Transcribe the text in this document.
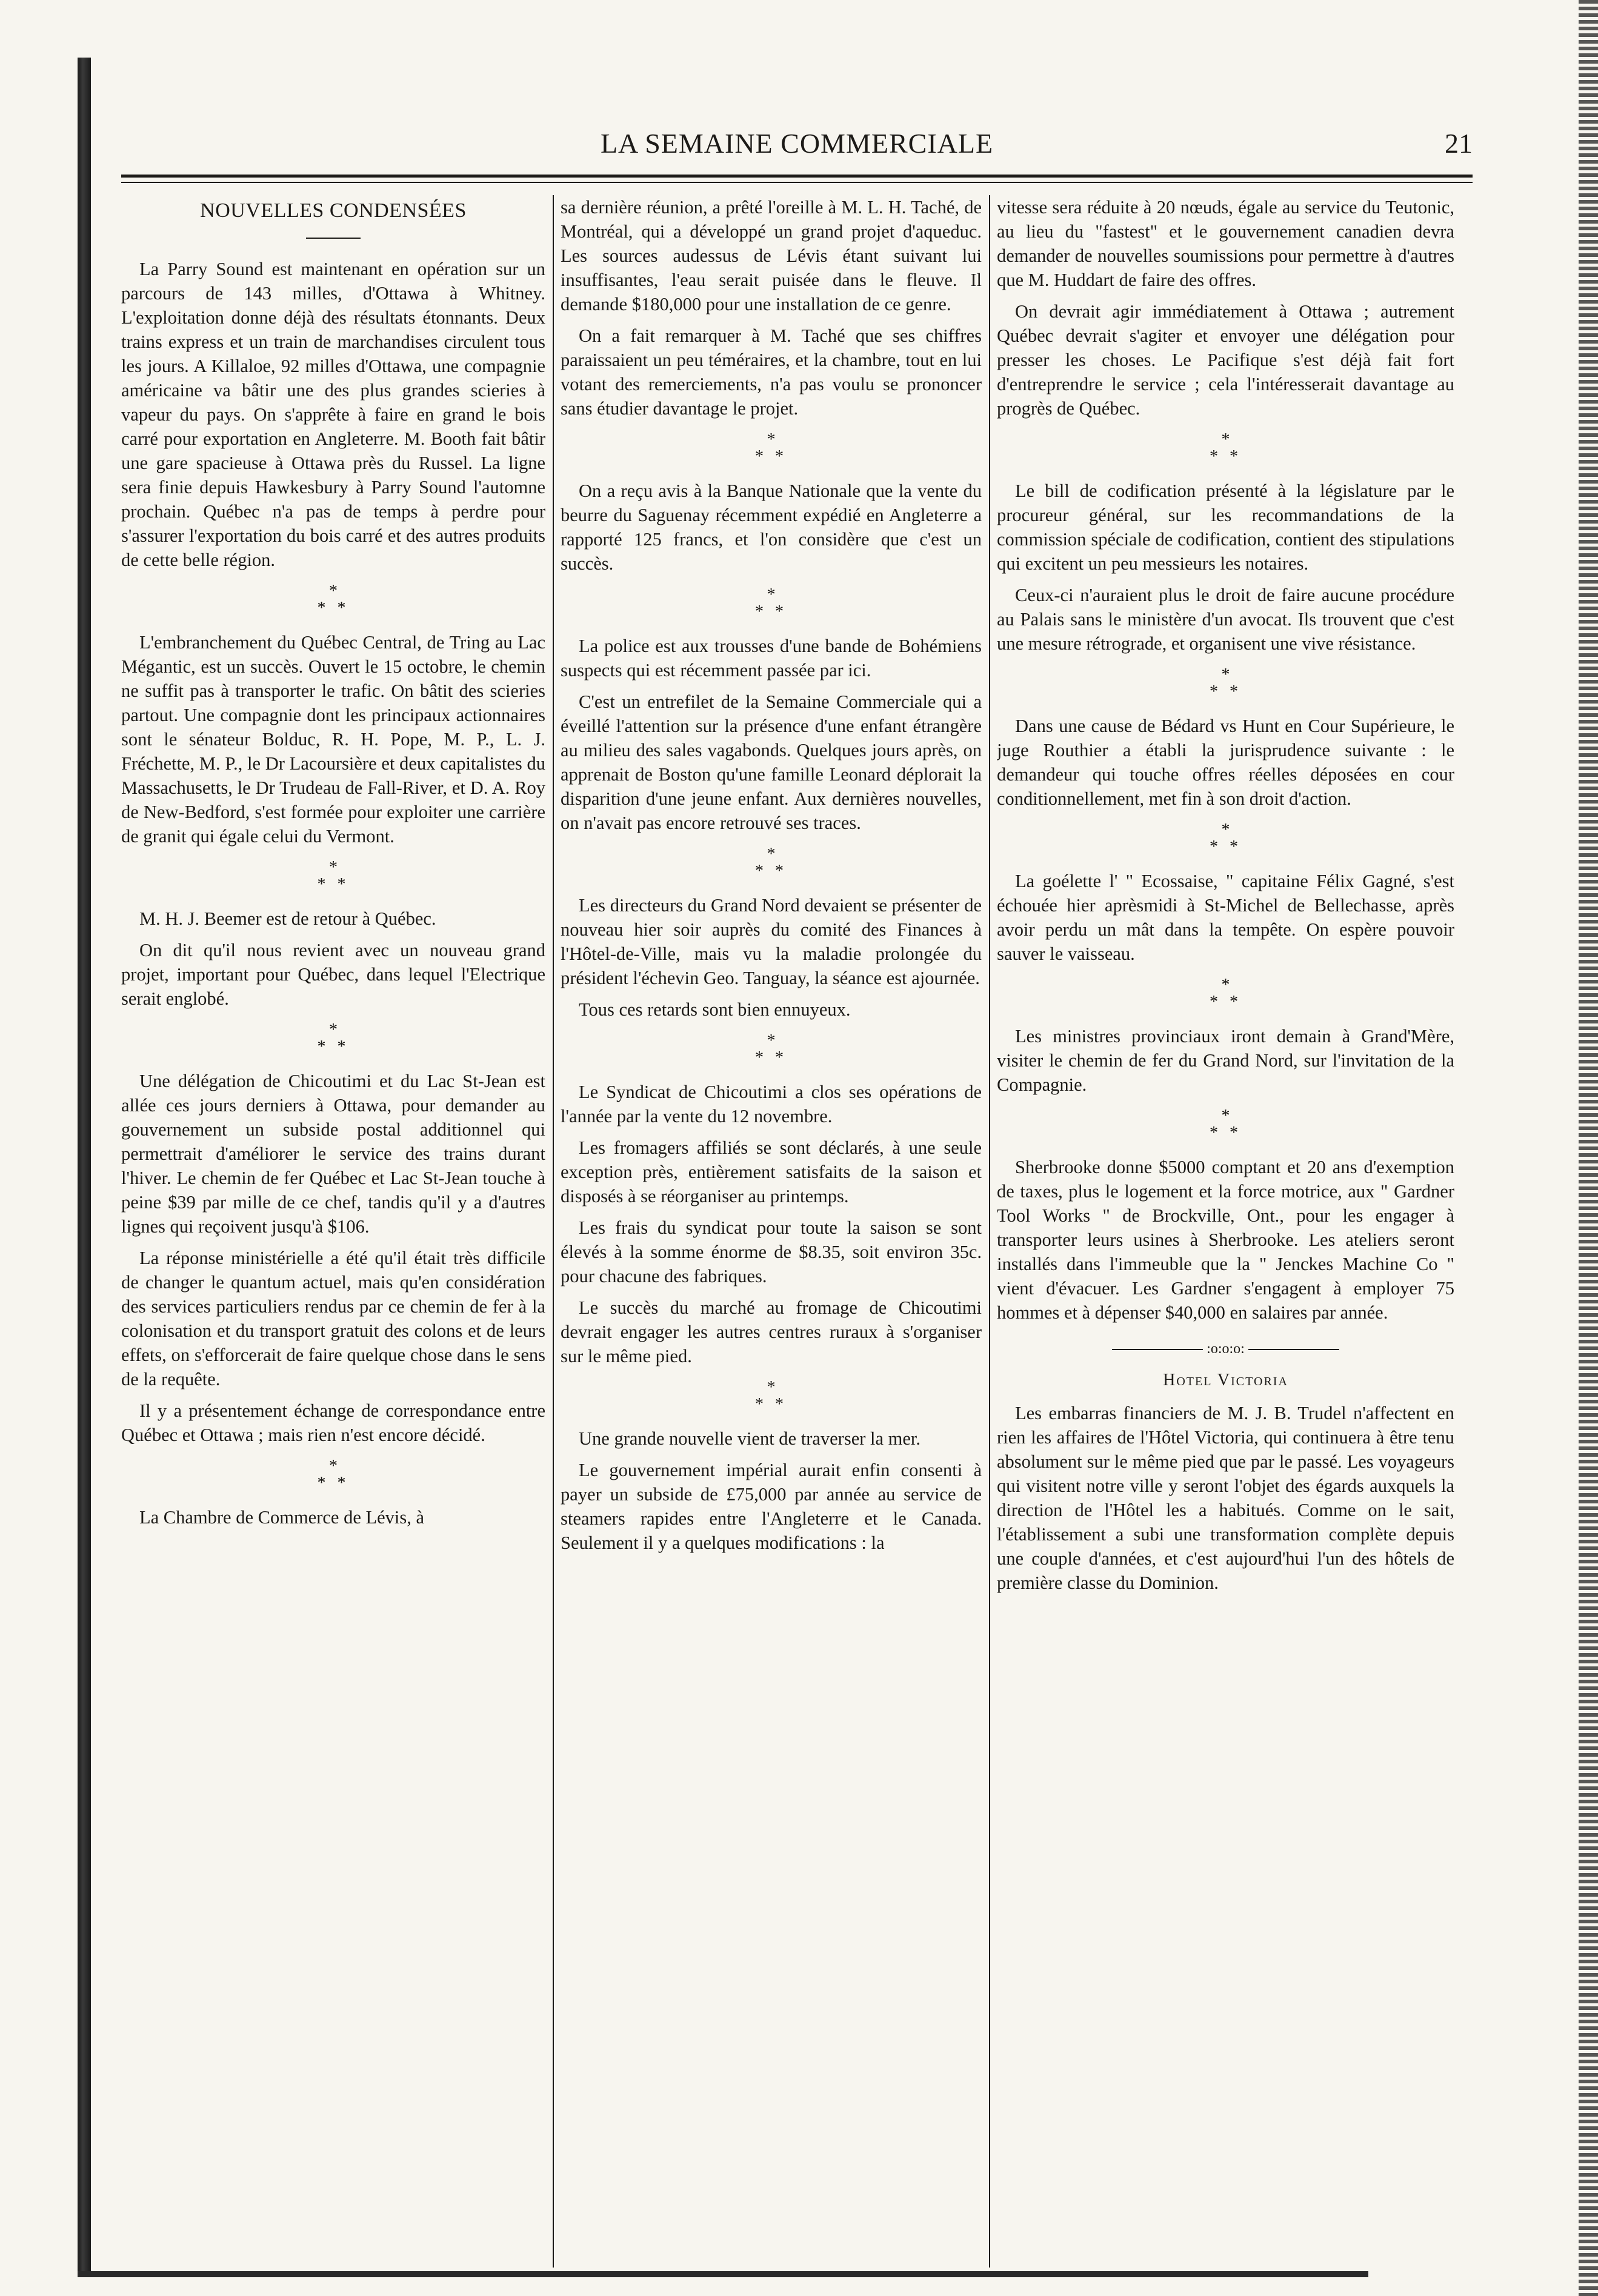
LA SEMAINE COMMERCIALE	21
NOUVELLES CONDENSÉES

La Parry Sound est maintenant en opération sur un parcours de 143 milles, d'Ottawa à Whitney. L'exploitation donne déjà des résultats étonnants. Deux trains express et un train de marchandises circulent tous les jours. A Killaloe, 92 milles d'Ottawa, une compagnie américaine va bâtir une des plus grandes scieries à vapeur du pays. On s'apprête à faire en grand le bois carré pour exportation en Angleterre. M. Booth fait bâtir une gare spacieuse à Ottawa près du Russel. La ligne sera finie depuis Hawkesbury à Parry Sound l'automne prochain. Québec n'a pas de temps à perdre pour s'assurer l'exportation du bois carré et des autres produits de cette belle région.

*
* *

L'embranchement du Québec Central, de Tring au Lac Mégantic, est un succès. Ouvert le 15 octobre, le chemin ne suffit pas à transporter le trafic. On bâtit des scieries partout. Une compagnie dont les principaux actionnaires sont le sénateur Bolduc, R. H. Pope, M. P., L. J. Fréchette, M. P., le Dr Lacoursière et deux capitalistes du Massachusetts, le Dr Trudeau de Fall-River, et D. A. Roy de New-Bedford, s'est formée pour exploiter une carrière de granit qui égale celui du Vermont.

*
* *

M. H. J. Beemer est de retour à Québec.

On dit qu'il nous revient avec un nouveau grand projet, important pour Québec, dans lequel l'Electrique serait englobé.

*
* *

Une délégation de Chicoutimi et du Lac St-Jean est allée ces jours derniers à Ottawa, pour demander au gouvernement un subside postal additionnel qui permettrait d'améliorer le service des trains durant l'hiver. Le chemin de fer Québec et Lac St-Jean touche à peine $39 par mille de ce chef, tandis qu'il y a d'autres lignes qui reçoivent jusqu'à $106.

La réponse ministérielle a été qu'il était très difficile de changer le quantum actuel, mais qu'en considération des services particuliers rendus par ce chemin de fer à la colonisation et du transport gratuit des colons et de leurs effets, on s'efforcerait de faire quelque chose dans le sens de la requête.

Il y a présentement échange de correspondance entre Québec et Ottawa ; mais rien n'est encore décidé.

*
* *

La Chambre de Commerce de Lévis, à

sa dernière réunion, a prêté l'oreille à M. L. H. Taché, de Montréal, qui a développé un grand projet d'aqueduc. Les sources audessus de Lévis étant suivant lui insuffisantes, l'eau serait puisée dans le fleuve. Il demande $180,000 pour une installation de ce genre.

On a fait remarquer à M. Taché que ses chiffres paraissaient un peu téméraires, et la chambre, tout en lui votant des remerciements, n'a pas voulu se prononcer sans étudier davantage le projet.

*
* *

On a reçu avis à la Banque Nationale que la vente du beurre du Saguenay récemment expédié en Angleterre a rapporté 125 francs, et l'on considère que c'est un succès.

*
* *

La police est aux trousses d'une bande de Bohémiens suspects qui est récemment passée par ici.

C'est un entrefilet de la Semaine Commerciale qui a éveillé l'attention sur la présence d'une enfant étrangère au milieu des sales vagabonds. Quelques jours après, on apprenait de Boston qu'une famille Leonard déplorait la disparition d'une jeune enfant. Aux dernières nouvelles, on n'avait pas encore retrouvé ses traces.

*
* *

Les directeurs du Grand Nord devaient se présenter de nouveau hier soir auprès du comité des Finances à l'Hôtel-de-Ville, mais vu la maladie prolongée du président l'échevin Geo. Tanguay, la séance est ajournée.

Tous ces retards sont bien ennuyeux.

*
* *

Le Syndicat de Chicoutimi a clos ses opérations de l'année par la vente du 12 novembre.

Les fromagers affiliés se sont déclarés, à une seule exception près, entièrement satisfaits de la saison et disposés à se réorganiser au printemps.

Les frais du syndicat pour toute la saison se sont élevés à la somme énorme de $8.35, soit environ 35c. pour chacune des fabriques.

Le succès du marché au fromage de Chicoutimi devrait engager les autres centres ruraux à s'organiser sur le même pied.

*
* *

Une grande nouvelle vient de traverser la mer.

Le gouvernement impérial aurait enfin consenti à payer un subside de £75,000 par année au service de steamers rapides entre l'Angleterre et le Canada. Seulement il y a quelques modifications : la

vitesse sera réduite à 20 nœuds, égale au service du Teutonic, au lieu du "fastest" et le gouvernement canadien devra demander de nouvelles soumissions pour permettre à d'autres que M. Huddart de faire des offres.

On devrait agir immédiatement à Ottawa ; autrement Québec devrait s'agiter et envoyer une délégation pour presser les choses. Le Pacifique s'est déjà fait fort d'entreprendre le service ; cela l'intéresserait davantage au progrès de Québec.

*
* *

Le bill de codification présenté à la législature par le procureur général, sur les recommandations de la commission spéciale de codification, contient des stipulations qui excitent un peu messieurs les notaires.

Ceux-ci n'auraient plus le droit de faire aucune procédure au Palais sans le ministère d'un avocat. Ils trouvent que c'est une mesure rétrograde, et organisent une vive résistance.

*
* *

Dans une cause de Bédard vs Hunt en Cour Supérieure, le juge Routhier a établi la jurisprudence suivante : le demandeur qui touche offres réelles déposées en cour conditionnellement, met fin à son droit d'action.

*
* *

La goélette l' " Ecossaise, " capitaine Félix Gagné, s'est échouée hier aprèsmidi à St-Michel de Bellechasse, après avoir perdu un mât dans la tempête. On espère pouvoir sauver le vaisseau.

*
* *

Les ministres provinciaux iront demain à Grand'Mère, visiter le chemin de fer du Grand Nord, sur l'invitation de la Compagnie.

*
* *

Sherbrooke donne $5000 comptant et 20 ans d'exemption de taxes, plus le logement et la force motrice, aux " Gardner Tool Works " de Brockville, Ont., pour les engager à transporter leurs usines à Sherbrooke. Les ateliers seront installés dans l'immeuble que la " Jenckes Machine Co " vient d'évacuer. Les Gardner s'engagent à employer 75 hommes et à dépenser $40,000 en salaires par année.

:o:o:o:
Hotel Victoria

Les embarras financiers de M. J. B. Trudel n'affectent en rien les affaires de l'Hôtel Victoria, qui continuera à être tenu absolument sur le même pied que par le passé. Les voyageurs qui visitent notre ville y seront l'objet des égards auxquels la direction de l'Hôtel les a habitués. Comme on le sait, l'établissement a subi une transformation complète depuis une couple d'années, et c'est aujourd'hui l'un des hôtels de première classe du Dominion.
